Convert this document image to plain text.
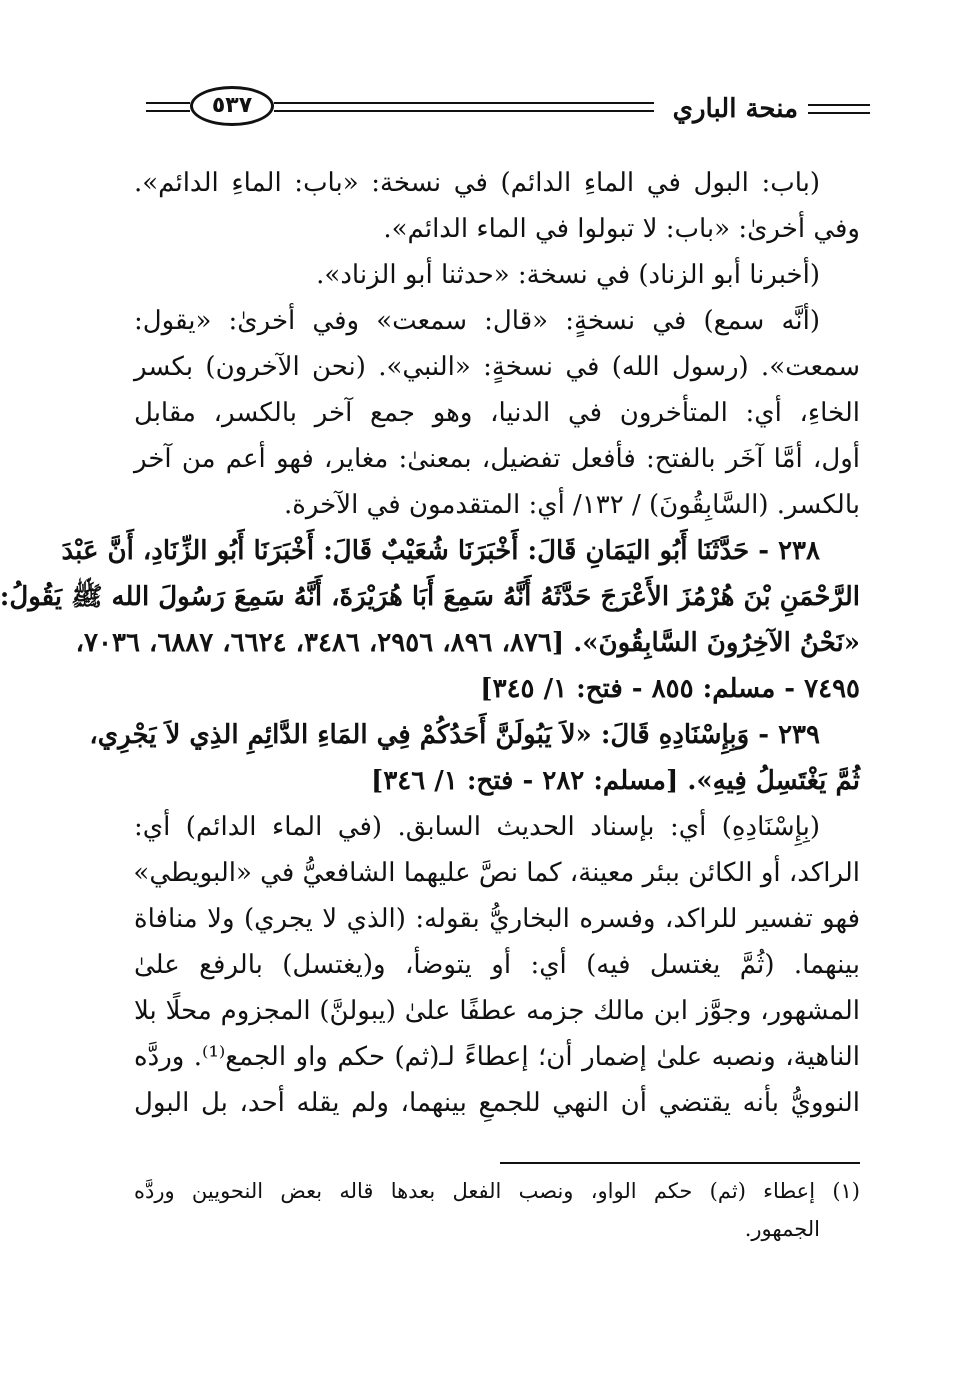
منحة الباري
٥٣٧
(باب: البول في الماءِ الدائم) في نسخة: «باب: الماءِ الدائم».
وفي أخرىٰ: «باب: لا تبولوا في الماء الدائم».
(أخبرنا أبو الزناد) في نسخة: «حدثنا أبو الزناد».
(أنَّه سمع) في نسخةٍ: «قال: سمعت» وفي أخرىٰ: «يقول:
سمعت». (رسول الله) في نسخةٍ: «النبي». (نحن الآخرون) بكسر
الخاءِ، أي: المتأخرون في الدنيا، وهو جمع آخر بالكسر، مقابل
أول، أمَّا آخَر بالفتح: فأفعل تفضيل، بمعنىٰ: مغاير، فهو أعم من آخر
بالكسر. (السَّابِقُونَ) / ١٣٢/ أي: المتقدمون في الآخرة.
٢٣٨ - حَدَّثَنَا أَبُو اليَمَانِ قَالَ: أَخْبَرَنَا شُعَيْبٌ قَالَ: أَخْبَرَنَا أَبُو الزِّنَادِ، أَنَّ عَبْدَ
الرَّحْمَنِ بْنَ هُرْمُزَ الأَعْرَجَ حَدَّثَهُ أَنَّهُ سَمِعَ أَبَا هُرَيْرَةَ، أَنَّهُ سَمِعَ رَسُولَ الله ﷺ يَقُولُ:
«نَحْنُ الآخِرُونَ السَّابِقُونَ». [٨٧٦، ٨٩٦، ٢٩٥٦، ٣٤٨٦، ٦٦٢٤، ٦٨٨٧، ٧٠٣٦،
٧٤٩٥ - مسلم: ٨٥٥ - فتح: ١/ ٣٤٥]
٢٣٩ - وَبِإِسْنَادِهِ قَالَ: «لاَ يَبُولَنَّ أَحَدُكُمْ فِي المَاءِ الدَّائِمِ الذِي لاَ يَجْرِي،
ثُمَّ يَغْتَسِلُ فِيهِ». [مسلم: ٢٨٢ - فتح: ١/ ٣٤٦]
(بِإِسْنَادِهِ) أي: بإسناد الحديث السابق. (في الماء الدائم) أي:
الراكد، أو الكائن ببئر معينة، كما نصَّ عليهما الشافعيُّ في «البويطي»
فهو تفسير للراكد، وفسره البخاريُّ بقوله: (الذي لا يجري) ولا منافاة
بينهما. (ثُمَّ يغتسل فيه) أي: أو يتوضأ، و(يغتسل) بالرفع علىٰ
المشهور، وجوَّز ابن مالك جزمه عطفًا علىٰ (يبولنَّ) المجزوم محلًا بلا
الناهية، ونصبه علىٰ إضمار أن؛ إعطاءً لـ(ثم) حكم واو الجمع⁽¹⁾. وردَّه
النوويُّ بأنه يقتضي أن النهي للجمعِ بينهما، ولم يقله أحد، بل البول
(١) إعطاء (ثم) حكم الواو، ونصب الفعل بعدها قاله بعض النحويين وردَّه
الجمهور.
